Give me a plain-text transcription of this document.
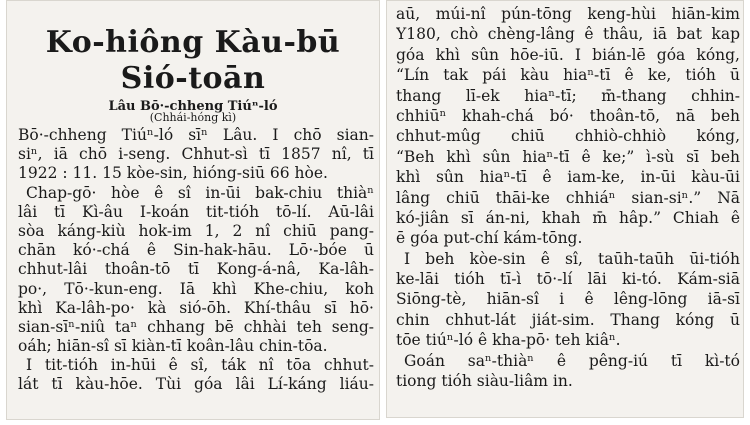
Ko-hiông Kàu-bū
Sió-toān
Lâu Bō·-chheng Tiúⁿ-ló
(Chhái-hóng kì)
Bō·-chheng Tiúⁿ-ló sīⁿ Lâu. I chō sian-
siⁿ, iā chō i-seng. Chhut-sì tī 1857 nî, tī
1922 : 11. 15 kòe-sin, hióng-siū 66 hòe.
Chap-gō· hòe ê sî in-ūi bak-chiu thiàⁿ
lâi tī Kì-âu I-koán tit-tióh tō-lí. Aū-lâi
sòa káng-kiù hok-im 1, 2 nî chiū pang-
chān kó·-chá ê Sin-hak-hāu. Lō·-bóe ū
chhut-lâi thoân-tō tī Kong-á-nâ, Ka-lâh-
po·, Tō·-kun-eng. Iā khì Khe-chiu, koh
khì Ka-lâh-po· kà sió-ōh. Khí-thâu sī hō·
sian-sīⁿ-niû taⁿ chhang bē chhài teh seng-
oáh; hiān-sî sī kiàn-tī koân-lâu chin-tōa.
I tit-tióh in-hūi ê sî, ták nî tōa chhut-
lát tī kàu-hōe. Tùi góa lâi Lí-káng liáu-
aū, múi-nî pún-tōng keng-hùi hiān-kim
Y180, chò chèng-lâng ê thâu, iā bat kap
góa khì sûn hōe-iū. I bián-lē góa kóng,
“Lín tak pái kàu hiaⁿ-tī ê ke, tióh ū
thang lī-ek hiaⁿ-tī; m̄-thang chhin-
chhiūⁿ khah-chá bó· thoân-tō, nā beh
chhut-mûg chiū chhiò-chhiò kóng,
“Beh khì sûn hiaⁿ-tī ê ke;” ì-sù sī beh
khì sûn hiaⁿ-tī ê iam-ke, in-ūi kàu-ūi
lâng chiū thāi-ke chhiáⁿ sian-siⁿ.” Nā
kó-jiân sī án-ni, khah m̄ hâp.” Chiah ê
ē góa put-chí kám-tōng.
I beh kòe-sin ê sî, taūh-taūh ūi-tióh
ke-lāi tióh tī-ì tō·-lí lāi ki-tó. Kám-siā
Siōng-tè, hiān-sî i ê lêng-lōng iā-sī
chin chhut-lát jiát-sim. Thang kóng ū
tōe tiúⁿ-ló ê kha-pō· teh kiâⁿ.
Goán saⁿ-thiàⁿ ê pêng-iú tī kì-tó
tiong tióh siàu-liâm in.
